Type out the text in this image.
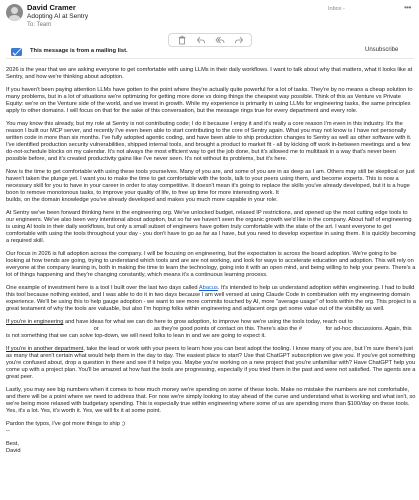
David Cramer
Adopting AI at Sentry
To: Team
Inbox -	•••
This message is from a mailing list.	Unsubscribe

2026 is the year that we are asking everyone to get comfortable with using LLMs in their daily workflows. I want to talk about why that matters, what it looks like at Sentry, and how we're thinking about adoption.

If you haven't been paying attention LLMs have gotten to the point where they're actually quite powerful for a lot of tasks. They're by no means a cheap solution to many problems, but in a lot of situations we're optimizing for getting more done vs doing things the cheapest way possible. Think of this as Venture vs Private Equity: we're on the Venture side of the world, and we invest in growth. While my experience is primarily in using LLMs for engineering tasks, the same principles apply to other domains. I will focus on that for the sake of this conversation, but the message rings true for every department and every role.

You may know this already, but my role at Sentry is not contributing code; I do it because I enjoy it and it's really a core reason I'm even in this industry. It's the reason I built our MCP server, and recently I've even been able to start contributing to the core of Sentry again. What you may not know is I have not personally written code in more than six months. I've fully adopted agentic coding, and have been able to ship production changes to Sentry as well as other software with it. I've identified production security vulnerabilities, shipped internal tools, and brought a product to market fit - all by kicking off work in-between meetings and a few do-not-schedule blocks on my calendar. It's not always the most efficient way to get the job done, but it's allowed me to multitask in a way that's never been possible before, and it's created productivity gains like I've never seen. It's not without its problems, but it's here.

Now is the time to get comfortable with using these tools yourselves. Many of you are, and some of you are in as deep as I am. Others may still be skeptical or just haven't taken the plunge yet. I want you to make the time to get comfortable with the tools, talk to your peers using them, and become experts. This is now a necessary skill for you to have in your career in order to stay competitive. It doesn't mean it's going to replace the skills you've already developed, but it is a huge boon to remove monotonous tasks, to improve your quality of life, to free up time for more interesting work. It
builds, on the domain knowledge you've already developed and makes you much more capable in your role.

At Sentry we've been forward thinking here in the engineering org. We've unlocked budget, relaxed IP restrictions, and opened up the most cutting edge tools to our engineers. We've also been very intentional about adoption, but so far we haven't seen the organic growth we'd like in the company. About half of engineering is using AI tools in their daily workflows, but only a small subset of engineers have gotten truly comfortable with the state of the art. I want everyone to get comfortable with using the tools throughout your day - you don't have to go as far as I have, but you need to develop expertise in using them. It is quickly becoming a required skill.

Our focus in 2026 is full adoption across the company. I will be focusing on engineering, but the expectation is across the board adoption. We're going to be looking at how trends are going, trying to understand which tools and are are not working, and look for ways to accelerate education and adoption. This will rely on everyone at the company leaning in, both in making the time to learn the technology, going into it with an open mind, and being willing to help your peers. There's a lot of things happening and they're changing constantly, which means it's a continuous learning process.

One example of investment here is a tool I built over the last two days called Abacus. It's intended to help us understand adoption within engineering. I had to build this tool because nothing existed, and I was able to do it in two days because I am well versed at using Claude Code in combination with my engineering domain experience. We'll be using this to help gauge adoption - we want to see more commits touched by AI, more "average usage" of tools within the org. This project is a great testament of why the tools are valuable, but also I'm hoping folks within engineering and adjacent orgs get some value out of the visibility as well.

If you're in engineering and have ideas for what we can do here to grow adoption, to improve how we're using the tools today, reach out to  or	as they're good points of contact on this. There's also the #	for ad-hoc discussions. Again, this is not something that we can solve top-down, we will need folks to lean in and we are going to expect it.

If you're in another department, take the lead or work with your peers to learn how you can best adopt the tooling. I know many of you are, but I'm sure there's just as many that aren't certain what would help them in the day to day. The easiest place to start? Use that ChatGPT subscription we give you. If you've got something you're confused about, drop a question in there and see if it helps you. Maybe you're working on a new project that you're unfamiliar with? Have ChatGPT help you come up with a project plan. You'll be amazed at how fast the tools are progressing, especially if you tried them in the past and were not satisfied. The agents are a great peer.

Lastly, you may see big numbers when it comes to how much money we're spending on some of these tools. Make no mistake the numbers are not comfortable, and there will be a point where we need to address that. For now we're simply looking to stay ahead of the curve and understand what is working and what isn't, so we're being more relaxed with budgetary spending. This is especially true within engineering where some of us are spending more than $100/day on these tools. Yes, it's a lot. Yes, it's worth it. Yes, we will fix it at some point.

Pardon the typos, I've got more things to ship ;)
--

Best,

David
